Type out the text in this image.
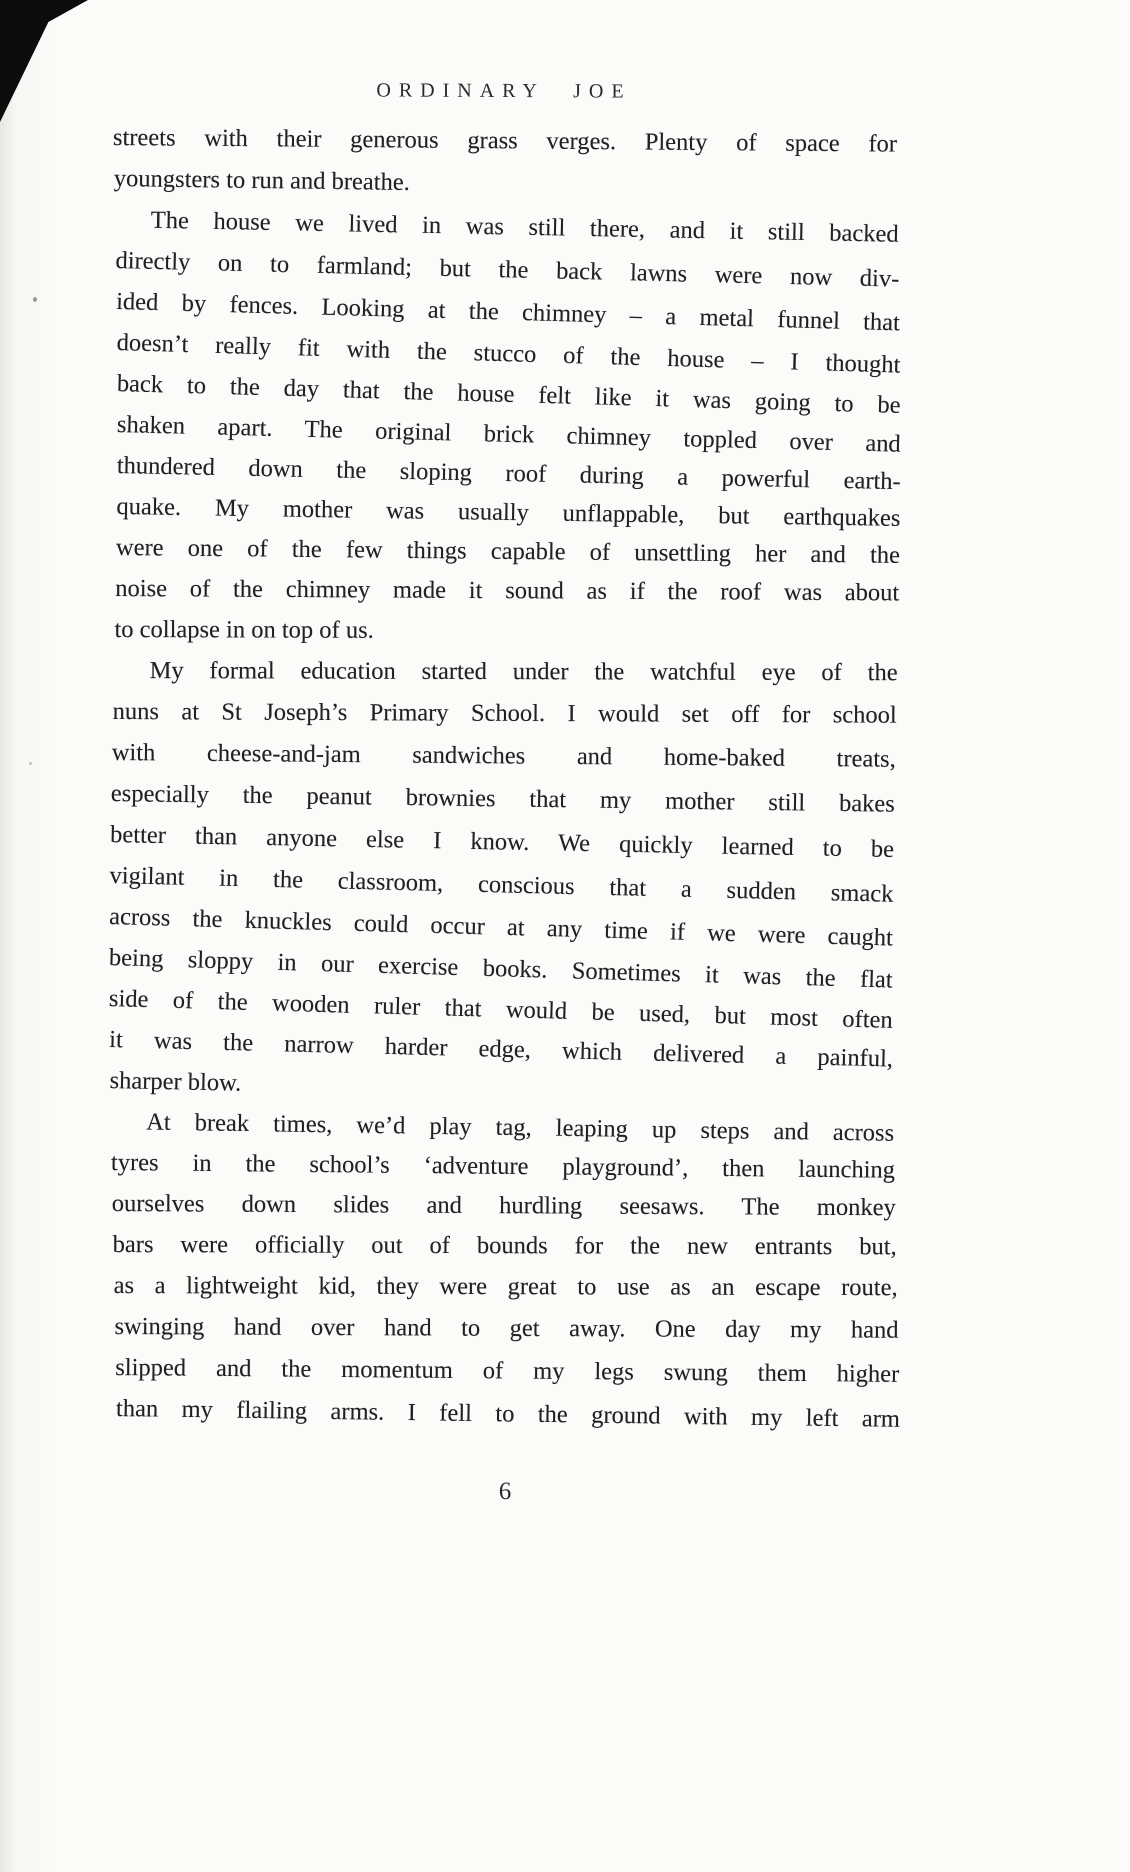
ORDINARY JOE
streets with their generous grass verges. Plenty of space for
youngsters to run and breathe.
The house we lived in was still there, and it still backed
directly on to farmland; but the back lawns were now div-
ided by fences. Looking at the chimney – a metal funnel that
doesn’t really fit with the stucco of the house – I thought
back to the day that the house felt like it was going to be
shaken apart. The original brick chimney toppled over and
thundered down the sloping roof during a powerful earth-
quake. My mother was usually unflappable, but earthquakes
were one of the few things capable of unsettling her and the
noise of the chimney made it sound as if the roof was about
to collapse in on top of us.
My formal education started under the watchful eye of the
nuns at St Joseph’s Primary School. I would set off for school
with cheese-and-jam sandwiches and home-baked treats,
especially the peanut brownies that my mother still bakes
better than anyone else I know. We quickly learned to be
vigilant in the classroom, conscious that a sudden smack
across the knuckles could occur at any time if we were caught
being sloppy in our exercise books. Sometimes it was the flat
side of the wooden ruler that would be used, but most often
it was the narrow harder edge, which delivered a painful,
sharper blow.
At break times, we’d play tag, leaping up steps and across
tyres in the school’s ‘adventure playground’, then launching
ourselves down slides and hurdling seesaws. The monkey
bars were officially out of bounds for the new entrants but,
as a lightweight kid, they were great to use as an escape route,
swinging hand over hand to get away. One day my hand
slipped and the momentum of my legs swung them higher
than my flailing arms. I fell to the ground with my left arm
6
